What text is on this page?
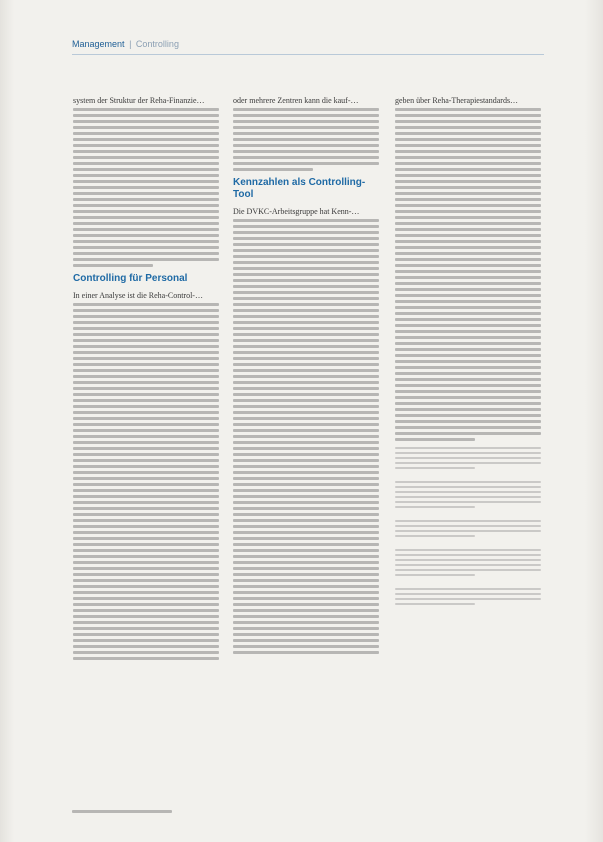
Management | Controlling

system der Struktur der Reha-Finanzie…

Controlling für Personal

In einer Analyse ist die Reha-Control-…

oder mehrere Zentren kann die kauf-…

Kennzahlen als Controlling-Tool

Die DVKC-Arbeitsgruppe hat Kenn-…

geben über Reha-Therapiestandards…
